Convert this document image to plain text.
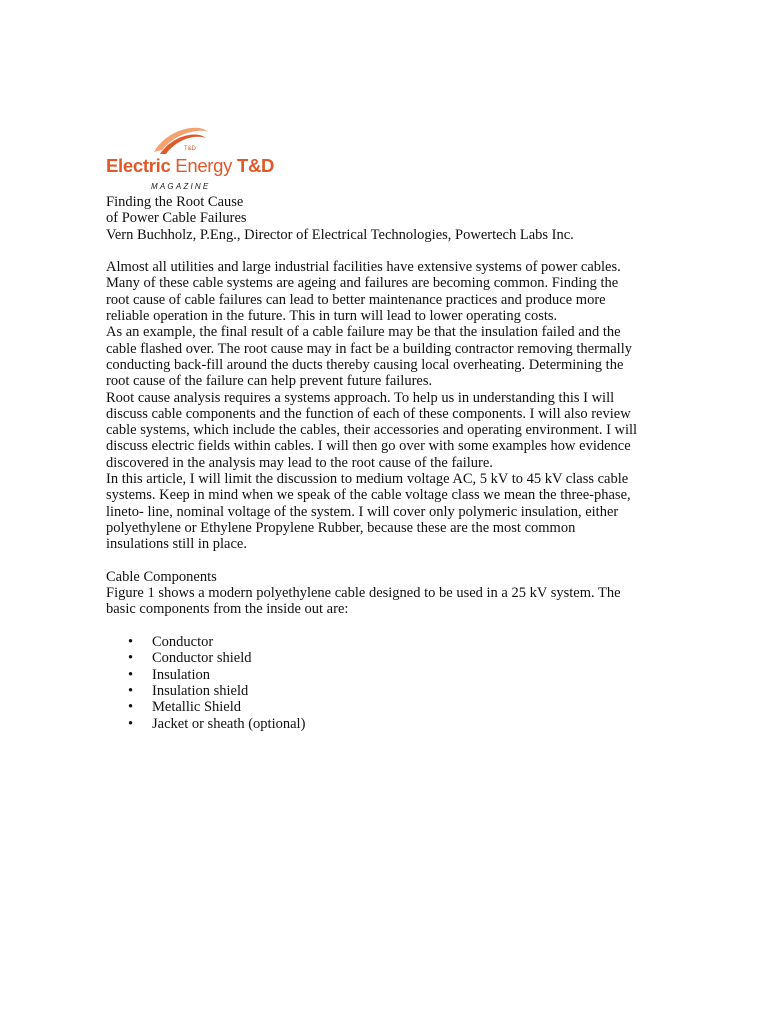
T&D
Electric Energy T&D
MAGAZINE
Finding the Root Cause
of Power Cable Failures
Vern Buchholz, P.Eng., Director of Electrical Technologies, Powertech Labs Inc.
Almost all utilities and large industrial facilities have extensive systems of power cables.
Many of these cable systems are ageing and failures are becoming common. Finding the
root cause of cable failures can lead to better maintenance practices and produce more
reliable operation in the future. This in turn will lead to lower operating costs.
As an example, the final result of a cable failure may be that the insulation failed and the
cable flashed over. The root cause may in fact be a building contractor removing thermally
conducting back-fill around the ducts thereby causing local overheating. Determining the
root cause of the failure can help prevent future failures.
Root cause analysis requires a systems approach. To help us in understanding this I will
discuss cable components and the function of each of these components. I will also review
cable systems, which include the cables, their accessories and operating environment. I will
discuss electric fields within cables. I will then go over with some examples how evidence
discovered in the analysis may lead to the root cause of the failure.
In this article, I will limit the discussion to medium voltage AC, 5 kV to 45 kV class cable
systems. Keep in mind when we speak of the cable voltage class we mean the three-phase,
lineto- line, nominal voltage of the system. I will cover only polymeric insulation, either
polyethylene or Ethylene Propylene Rubber, because these are the most common
insulations still in place.
Cable Components
Figure 1 shows a modern polyethylene cable designed to be used in a 25 kV system. The
basic components from the inside out are:
• Conductor
• Conductor shield
• Insulation
• Insulation shield
• Metallic Shield
• Jacket or sheath (optional)
